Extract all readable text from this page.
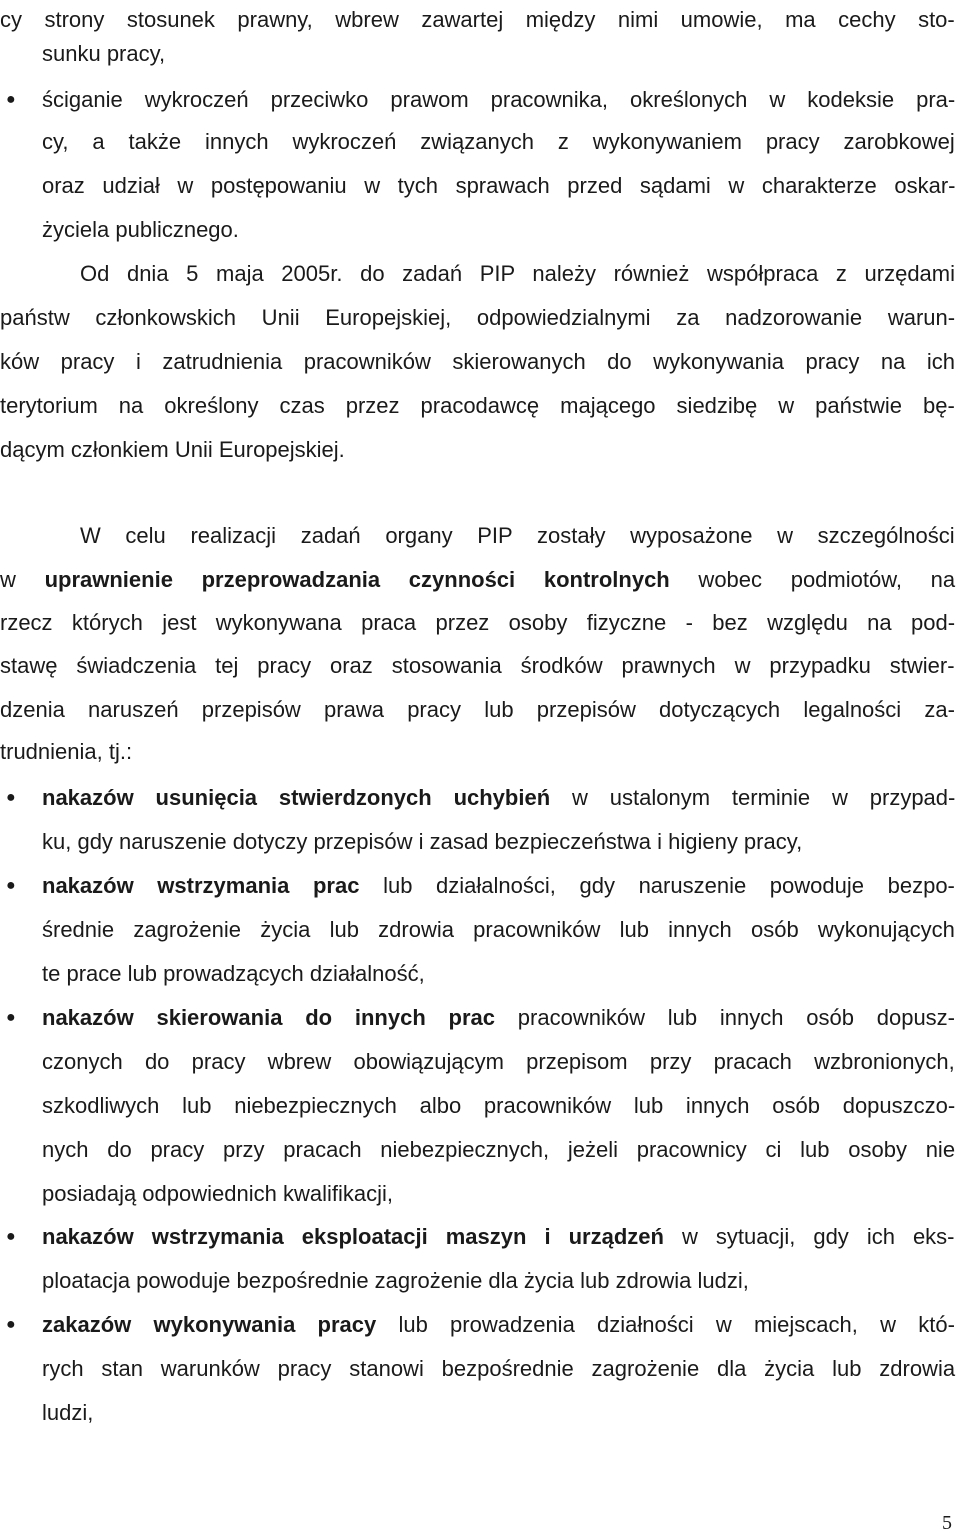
cy strony stosunek prawny, wbrew zawartej między nimi umowie, ma cechy sto-
sunku pracy,
● ściganie wykroczeń przeciwko prawom pracownika, określonych w kodeksie pra-
cy, a także innych wykroczeń związanych z wykonywaniem pracy zarobkowej
oraz udział w postępowaniu w tych sprawach przed sądami w charakterze oskar-
życiela publicznego.
Od dnia 5 maja 2005r. do zadań PIP należy również współpraca z urzędami
państw członkowskich Unii Europejskiej, odpowiedzialnymi za nadzorowanie warun-
ków pracy i zatrudnienia pracowników skierowanych do wykonywania pracy na ich
terytorium na określony czas przez pracodawcę mającego siedzibę w państwie bę-
dącym członkiem Unii Europejskiej.
W celu realizacji zadań organy PIP zostały wyposażone w szczególności
w uprawnienie przeprowadzania czynności kontrolnych wobec podmiotów, na
rzecz których jest wykonywana praca przez osoby fizyczne - bez względu na pod-
stawę świadczenia tej pracy oraz stosowania środków prawnych w przypadku stwier-
dzenia naruszeń przepisów prawa pracy lub przepisów dotyczących legalności za-
trudnienia, tj.:
● nakazów usunięcia stwierdzonych uchybień w ustalonym terminie w przypad-
ku, gdy naruszenie dotyczy przepisów i zasad bezpieczeństwa i higieny pracy,
● nakazów wstrzymania prac lub działalności, gdy naruszenie powoduje bezpo-
średnie zagrożenie życia lub zdrowia pracowników lub innych osób wykonujących
te prace lub prowadzących działalność,
● nakazów skierowania do innych prac pracowników lub innych osób dopusz-
czonych do pracy wbrew obowiązującym przepisom przy pracach wzbronionych,
szkodliwych lub niebezpiecznych albo pracowników lub innych osób dopuszczo-
nych do pracy przy pracach niebezpiecznych, jeżeli pracownicy ci lub osoby nie
posiadają odpowiednich kwalifikacji,
● nakazów wstrzymania eksploatacji maszyn i urządzeń w sytuacji, gdy ich eks-
ploatacja powoduje bezpośrednie zagrożenie dla życia lub zdrowia ludzi,
● zakazów wykonywania pracy lub prowadzenia działności w miejscach, w któ-
rych stan warunków pracy stanowi bezpośrednie zagrożenie dla życia lub zdrowia
ludzi,
5
